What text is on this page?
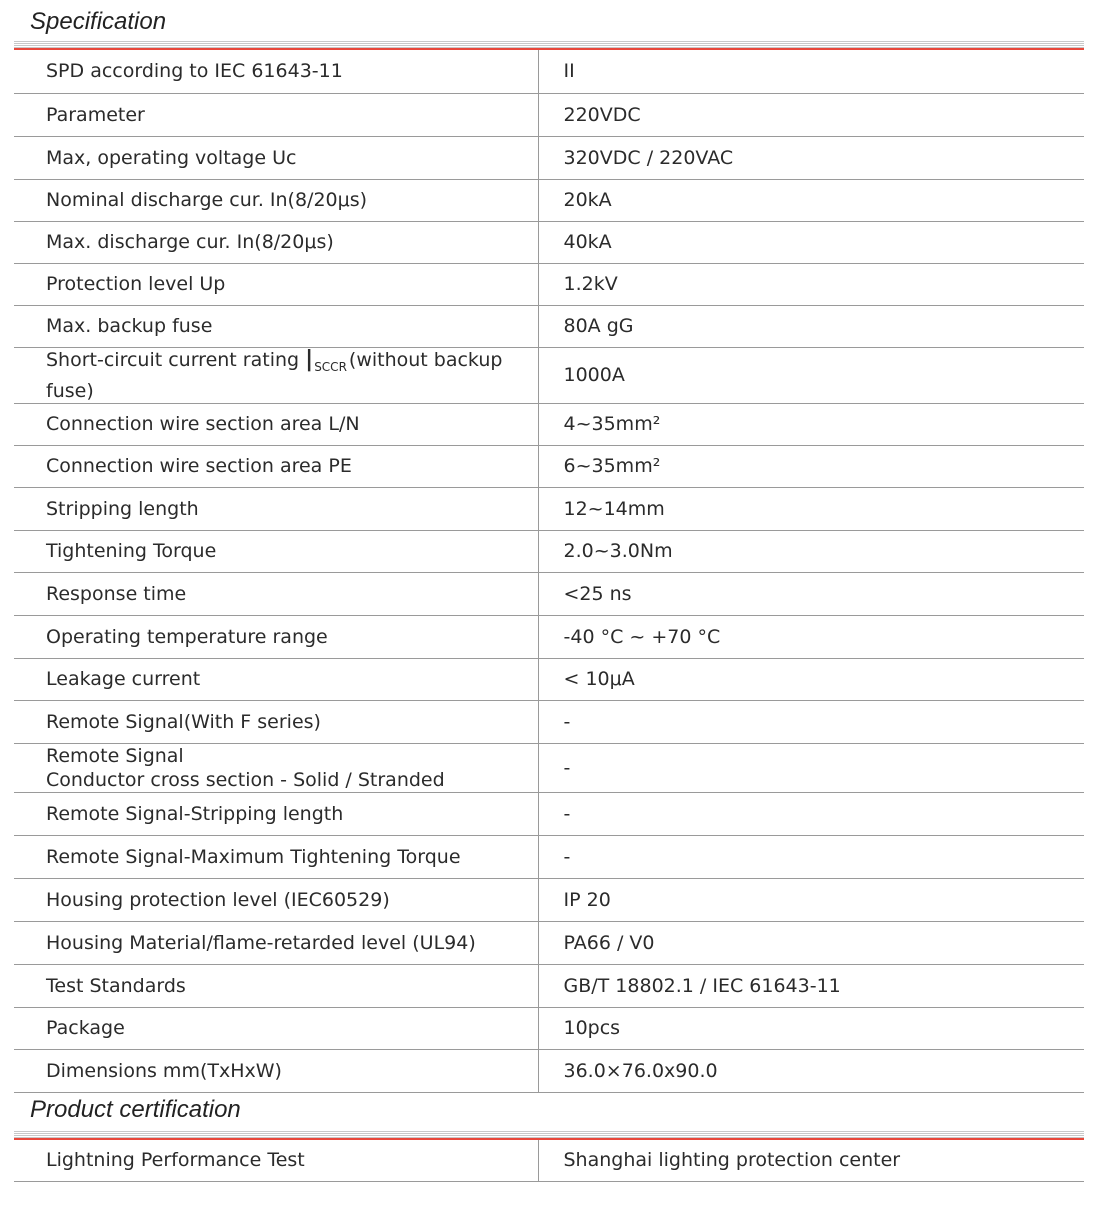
Specification
SPD according to IEC 61643-11	II
Parameter	220VDC
Max, operating voltage Uc	320VDC / 220VAC
Nominal discharge cur. In(8/20μs)	20kA
Max. discharge cur. In(8/20μs)	40kA
Protection level Up	1.2kV
Max. backup fuse	80A gG
Short-circuit current rating $|_{SCCR}$ (without backup fuse)	1000A
Connection wire section area L/N	4~35mm²
Connection wire section area PE	6~35mm²
Stripping length	12~14mm
Tightening Torque	2.0~3.0Nm
Response time	<25 ns
Operating temperature range	-40 °C ~ +70 °C
Leakage current	< 10μA
Remote Signal(With F series)	-

Remote Signal
Conductor cross section - Solid / Stranded	-
Remote Signal-Stripping length	-
Remote Signal-Maximum Tightening Torque	-
Housing protection level (IEC60529)	IP 20
Housing Material/flame-retarded level (UL94)	PA66 / V0
Test Standards	GB/T 18802.1 / IEC 61643-11
Package	10pcs
Dimensions mm(TxHxW)	36.0×76.0x90.0
Product certification
Lightning Performance Test	Shanghai lighting protection center
